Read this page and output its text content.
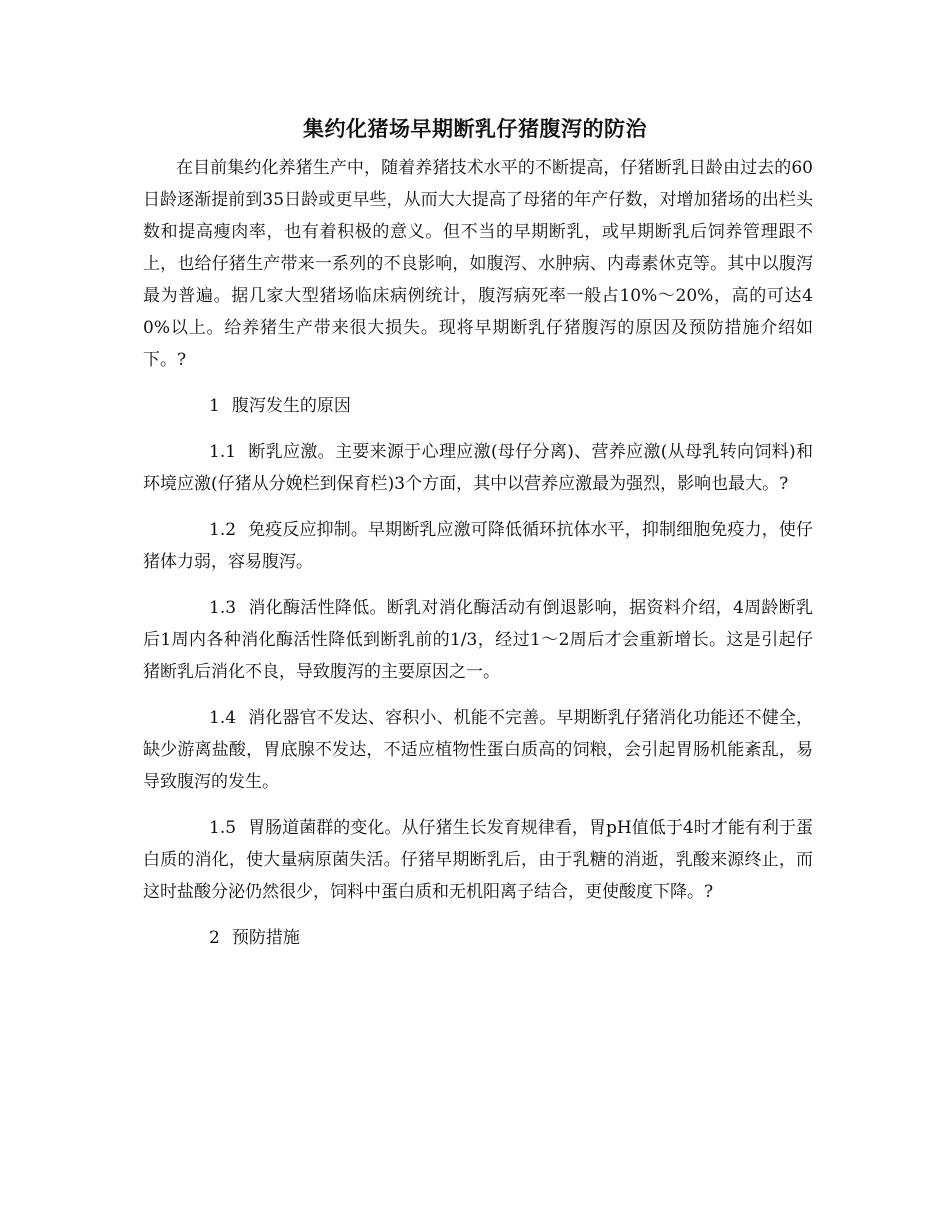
集约化猪场早期断乳仔猪腹泻的防治

在目前集约化养猪生产中，随着养猪技术水平的不断提高，仔猪断乳日龄由过去的60日龄逐渐提前到35日龄或更早些，从而大大提高了母猪的年产仔数，对增加猪场的出栏头数和提高瘦肉率，也有着积极的意义。但不当的早期断乳，或早期断乳后饲养管理跟不上，也给仔猪生产带来一系列的不良影响，如腹泻、水肿病、内毒素休克等。其中以腹泻最为普遍。据几家大型猪场临床病例统计，腹泻病死率一般占10%～20%，高的可达40%以上。给养猪生产带来很大损失。现将早期断乳仔猪腹泻的原因及预防措施介绍如下。?

1 腹泻发生的原因

1.1 断乳应激。主要来源于心理应激(母仔分离)、营养应激(从母乳转向饲料)和环境应激(仔猪从分娩栏到保育栏)3个方面，其中以营养应激最为强烈，影响也最大。?

1.2 免疫反应抑制。早期断乳应激可降低循环抗体水平，抑制细胞免疫力，使仔猪体力弱，容易腹泻。

1.3 消化酶活性降低。断乳对消化酶活动有倒退影响，据资料介绍，4周龄断乳后1周内各种消化酶活性降低到断乳前的1/3，经过1～2周后才会重新增长。这是引起仔猪断乳后消化不良，导致腹泻的主要原因之一。

1.4 消化器官不发达、容积小、机能不完善。早期断乳仔猪消化功能还不健全，缺少游离盐酸，胃底腺不发达，不适应植物性蛋白质高的饲粮，会引起胃肠机能紊乱，易导致腹泻的发生。

1.5 胃肠道菌群的变化。从仔猪生长发育规律看，胃pH值低于4时才能有利于蛋白质的消化，使大量病原菌失活。仔猪早期断乳后，由于乳糖的消逝，乳酸来源终止，而这时盐酸分泌仍然很少，饲料中蛋白质和无机阳离子结合，更使酸度下降。?

2 预防措施
